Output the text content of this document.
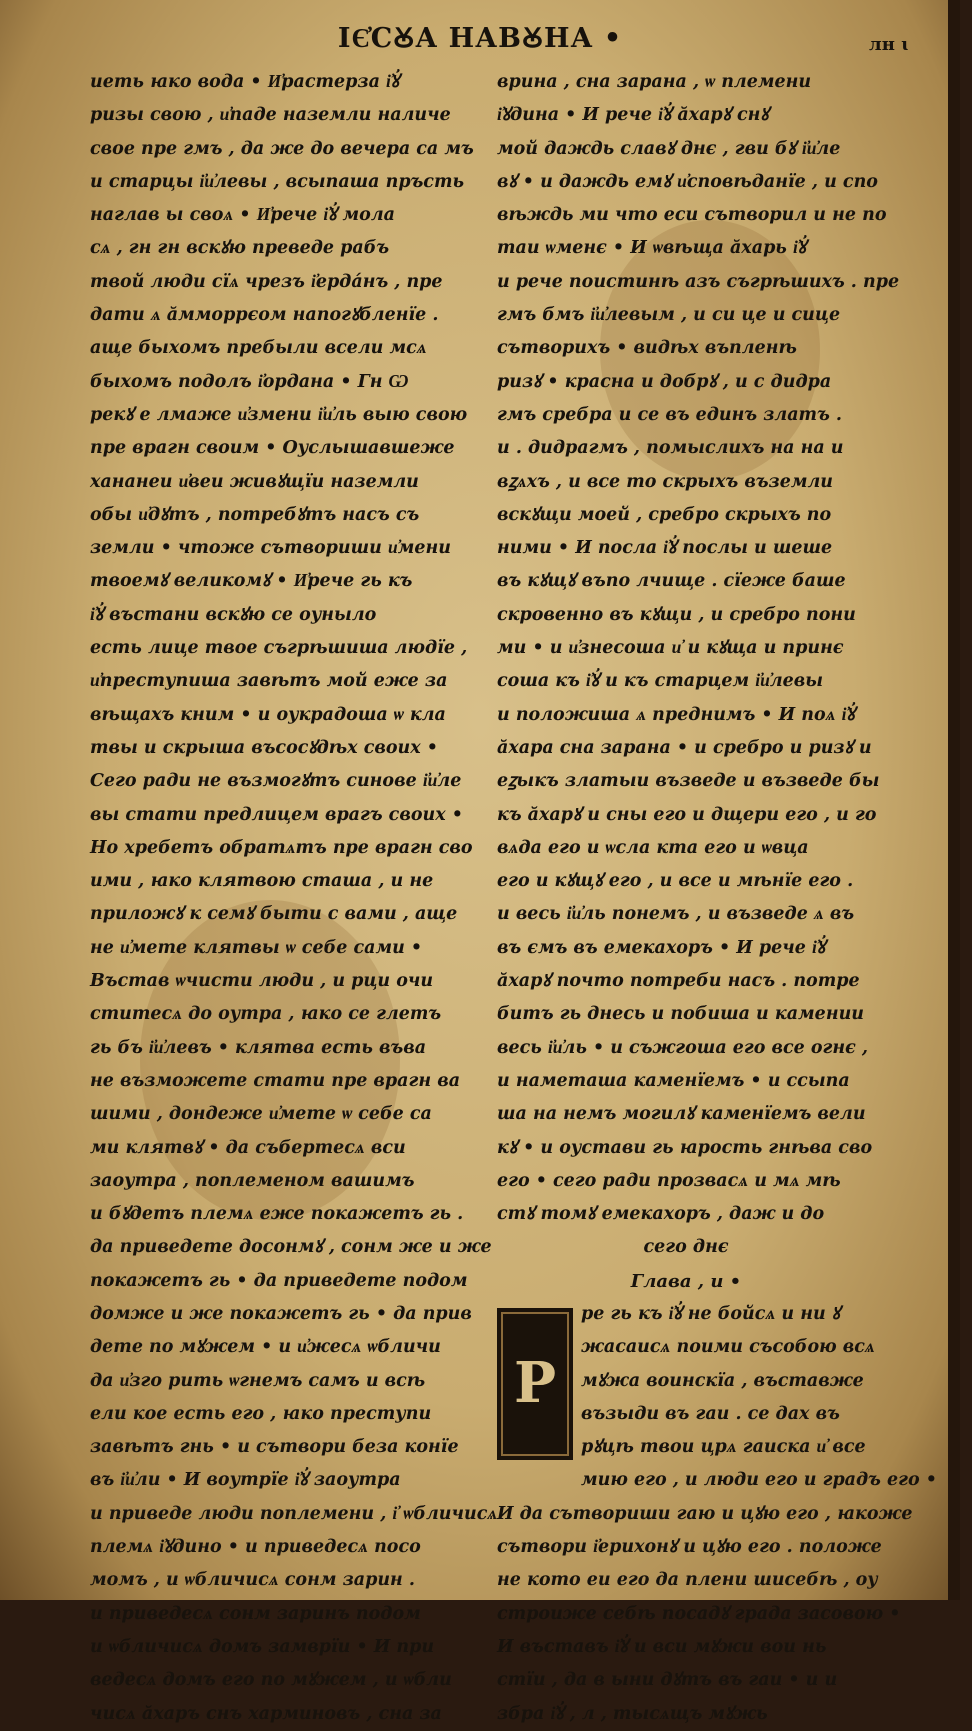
ІЄ҆СꙊА НАВꙊНА •	лн ꙇ
иеть ꙗко вода • И҆растерза і҆ꙋ҆
ризы свою , и҆паде наземли наличе
свое пре гмъ , да же до вечера са мъ
и старцы і҆и҆левы , всыпаша пръсть
наглав ы своѧ • И҆рече і҆ꙋ҆ мола
сѧ , гн гн вскꙋю преведе рабъ
твой люди сїѧ чрезъ і҆ердáнъ , пре
дати ѧ ӑмморрєом напогꙋбленїе .
аще быхомъ пребыли всели мсѧ
быхомъ подолъ і҆ордана • Гн Ѡ
рекꙋ е лмаже и҆змени і҆и҆ль выю свою
пре врагн своим • Оуслышавшеже
хананеи и҆веи живꙋщїи наземли
обы и҆дꙋтъ , потребꙋтъ насъ съ
земли • чтоже сътвориши и҆мени
твоемꙋ великомꙋ • И҆рече гь къ
і҆ꙋ҆ въстани вскꙋю се оуныло
есть лице твое съгрѣшиша людїе ,
и҆преступиша завѣтъ мой еже за
вѣщахъ кним • и оукрадоша ѡ кла
твы и скрыша въсосꙋдѣх своих •
Сего ради не възмогꙋтъ синове і҆и҆ле
вы стати предлицем врагъ своих •
Но хребетъ обратѧтъ пре врагн сво
ими , ꙗко клятвою сташа , и не
приложꙋ к семꙋ быти с вами , аще
не и҆мете клятвы ѡ себе сами •
Въстав ѡчисти люди , и рци очи
ститесѧ до оутра , ꙗко се глетъ
гь бъ і҆и҆левъ • клятва есть въва
не възможете стати пре врагн ва
шими , дондеже и҆мете ѡ себе са
ми клятвꙋ • да събертесѧ вси
заоутра , поплеменом вашимъ
и бꙋдетъ племѧ еже покажетъ гь .
да приведете досонмꙋ , сонм же и же
покажетъ гь • да приведете подом
домже и же покажетъ гь • да прив
дете по мꙋжем • и и҆жесѧ ѡбличи
да и҆зго рить ѡгнемъ самъ и всѣ
ели кое есть его , ꙗко преступи
завѣтъ гнь • и сътвори беза конїе
въ і҆и҆ли • И воутрїе і҆ꙋ҆ заоутра
и приведе люди поплемени , і҆ ѡбличисѧ
племѧ і҆ꙋдино • и приведесѧ посо
момъ , и ѡбличисѧ сонм зарин .
и приведесѧ сонм заринъ подом
и ѡбличисѧ домъ замврїи • И при
ведесѧ домъ его по мꙋжем , и ѡбли
чисѧ ӑхаръ снъ харминовъ , сна за
врина , сна зарана , ѡ племени
і҆ꙋдина • И рече і҆ꙋ҆ ӑхарꙋ снꙋ
мой даждь славꙋ днє , гви бꙋ і҆и҆ле
вꙋ • и даждь емꙋ и҆сповѣданїе , и спо
вѣждь ми что еси сътворил и не по
таи ѡменє • И ѡвѣща ӑхарь і҆ꙋ҆
и рече поистинѣ азъ съгрѣшихъ . пре
гмъ бмъ і҆и҆левым , и си це и сице
сътворихъ • видѣх въпленѣ
ризꙋ • красна и добрꙋ , и с дидра
гмъ сребра и се въ единъ златъ .
и . дидрагмъ , помыслихъ на на и
вꙁѧхъ , и все то скрыхъ въземли
вскꙋщи моей , сребро скрыхъ по
ними • И посла і҆ꙋ҆ послы и шеше
въ кꙋщꙋ въпо лчище . сїеже баше
скровенно въ кꙋщи , и сребро пони
ми • и и҆знесоша и҆ и кꙋща и принє
соша къ і҆ꙋ҆ и къ старцем і҆и҆левы
и положиша ѧ преднимъ • И поѧ і҆ꙋ҆
ӑхара сна зарана • и сребро и ризꙋ и
еꙁыкъ златыи възведе и възведе бы
къ ӑхарꙋ и сны его и дщери его , и го
вѧда его и ѡсла кта его и ѡвца
его и кꙋщꙋ его , и все и мѣнїе его .
и весь і҆и҆ль понемъ , и възведе ѧ въ
въ ємъ въ емекахоръ • И рече і҆ꙋ҆
ӑхарꙋ почто потреби насъ . потре
битъ гь днесь и побиша и камении
весь і҆и҆ль • и съжгоша его все огнє ,
и наметаша каменїемъ • и ссыпа
ша на немъ могилꙋ каменїемъ вели
кꙋ • и оустави гь ꙗрость гнѣва сво
его • сего ради прозвасѧ и мѧ мѣ
стꙋ томꙋ емекахоръ , даж и до
сего днє
Глава , и •
Р
ре гь къ і҆ꙋ҆ не бойсѧ и ни ꙋ
жасаисѧ поими съсобою всѧ
мꙋжа воинскїа , въставже
възыди въ гаи . се дах въ
рꙋцѣ твои црѧ гаиска и҆ все
мию его , и люди его и градъ его •
И да сътвориши гаю и цꙋю его , ꙗкоже
сътвори і҆ерихонꙋ и цꙋю его . положе
не кото еи его да плени шисебѣ , оу
строиже себѣ посадꙋ града засовою •
И въставъ і҆ꙋ҆ и вси мꙋжи вои нь
стїи , да в ыни дꙋтъ въ гаи • и и
збра і҆ꙋ҆ , л , тысѧщъ мꙋжь
